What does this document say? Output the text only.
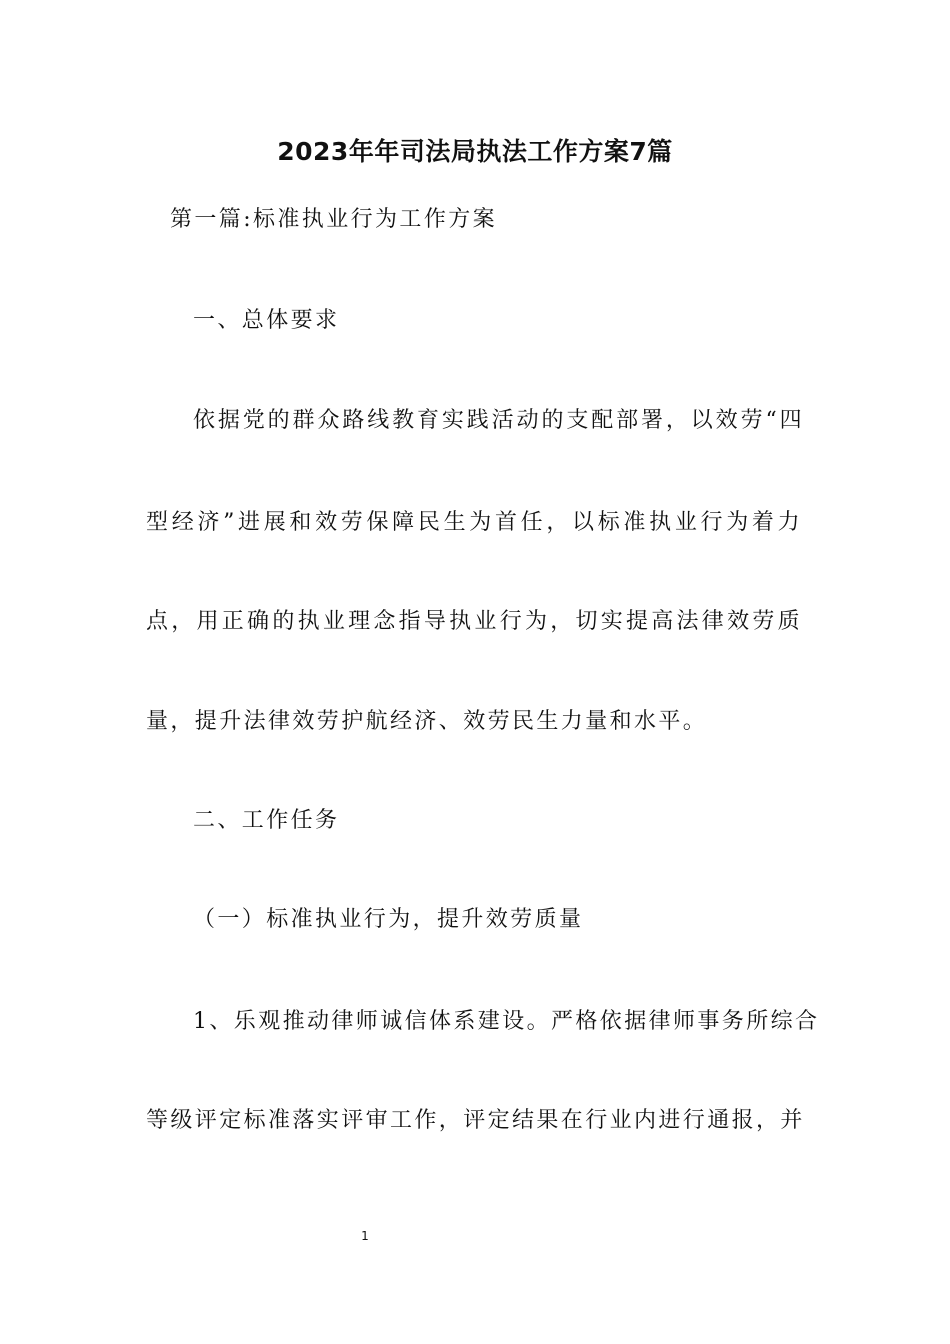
2023年年司法局执法工作方案7篇

第一篇:标准执业行为工作方案

一、总体要求

依据党的群众路线教育实践活动的支配部署，以效劳“四

型经济”进展和效劳保障民生为首任，以标准执业行为着力

点，用正确的执业理念指导执业行为，切实提高法律效劳质

量，提升法律效劳护航经济、效劳民生力量和水平。

二、工作任务

（一）标准执业行为，提升效劳质量

1、乐观推动律师诚信体系建设。严格依据律师事务所综合

等级评定标准落实评审工作，评定结果在行业内进行通报，并

1
